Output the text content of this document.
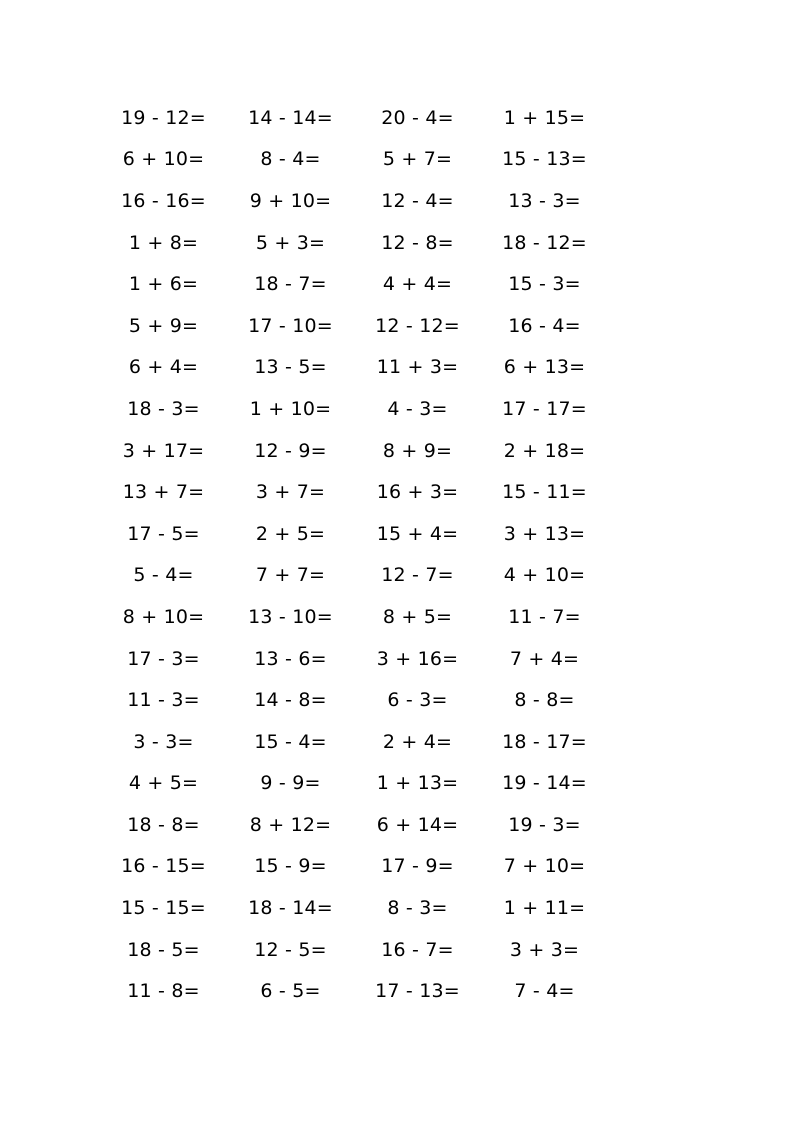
19 - 12=	14 - 14=	20 - 4=	1 + 15=
6 + 10=	8 - 4=	5 + 7=	15 - 13=
16 - 16=	9 + 10=	12 - 4=	13 - 3=
1 + 8=	5 + 3=	12 - 8=	18 - 12=
1 + 6=	18 - 7=	4 + 4=	15 - 3=
5 + 9=	17 - 10=	12 - 12=	16 - 4=
6 + 4=	13 - 5=	11 + 3=	6 + 13=
18 - 3=	1 + 10=	4 - 3=	17 - 17=
3 + 17=	12 - 9=	8 + 9=	2 + 18=
13 + 7=	3 + 7=	16 + 3=	15 - 11=
17 - 5=	2 + 5=	15 + 4=	3 + 13=
5 - 4=	7 + 7=	12 - 7=	4 + 10=
8 + 10=	13 - 10=	8 + 5=	11 - 7=
17 - 3=	13 - 6=	3 + 16=	7 + 4=
11 - 3=	14 - 8=	6 - 3=	8 - 8=
3 - 3=	15 - 4=	2 + 4=	18 - 17=
4 + 5=	9 - 9=	1 + 13=	19 - 14=
18 - 8=	8 + 12=	6 + 14=	19 - 3=
16 - 15=	15 - 9=	17 - 9=	7 + 10=
15 - 15=	18 - 14=	8 - 3=	1 + 11=
18 - 5=	12 - 5=	16 - 7=	3 + 3=
11 - 8=	6 - 5=	17 - 13=	7 - 4=
